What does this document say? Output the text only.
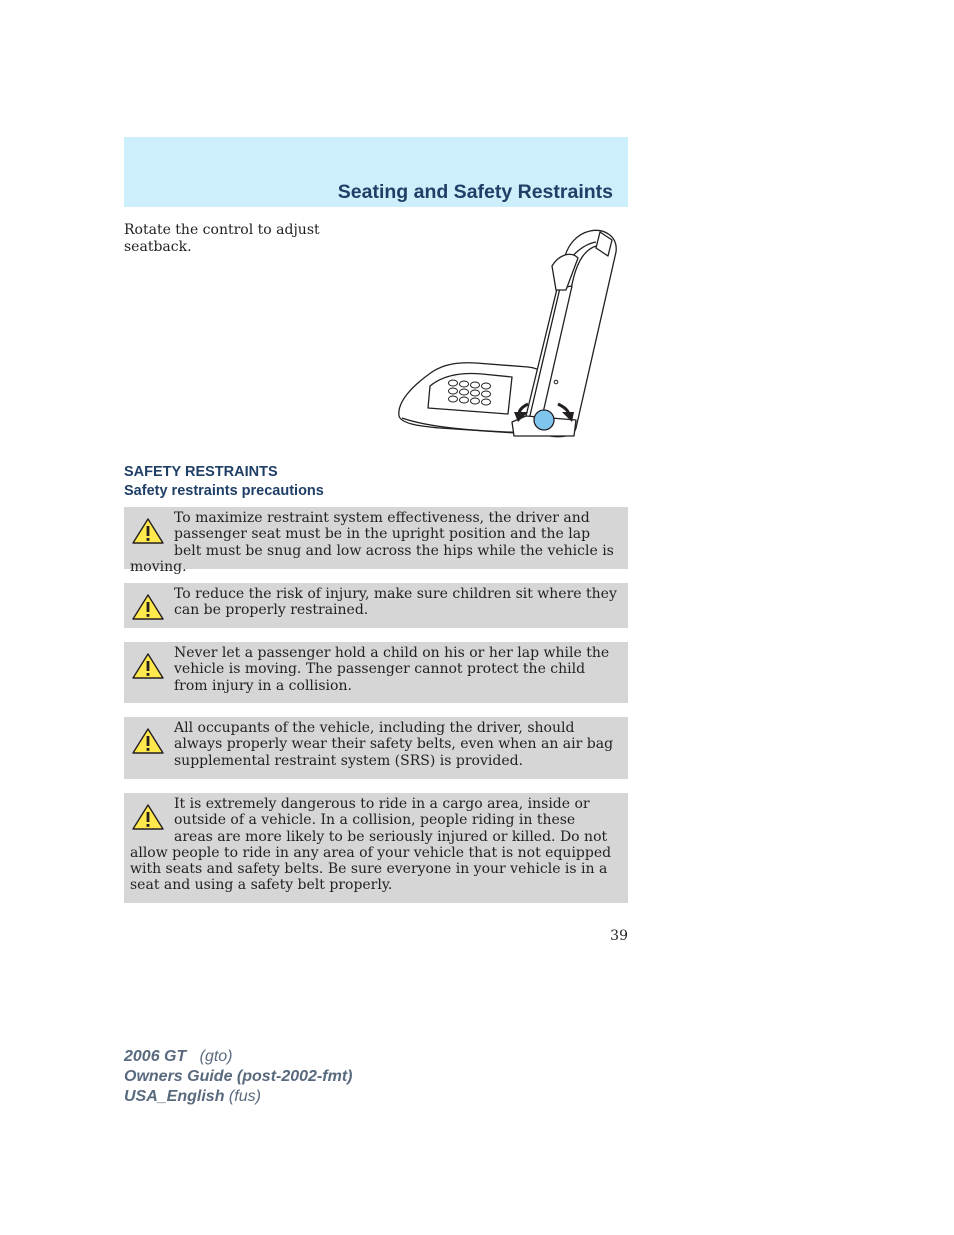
Seating and Safety Restraints
Rotate the control to adjust seatback.
SAFETY RESTRAINTS
Safety restraints precautions
To maximize restraint system effectiveness, the driver and passenger seat must be in the upright position and the lap belt must be snug and low across the hips while the vehicle is moving.
To reduce the risk of injury, make sure children sit where they can be properly restrained.
Never let a passenger hold a child on his or her lap while the vehicle is moving. The passenger cannot protect the child from injury in a collision.
All occupants of the vehicle, including the driver, should always properly wear their safety belts, even when an air bag supplemental restraint system (SRS) is provided.
It is extremely dangerous to ride in a cargo area, inside or outside of a vehicle. In a collision, people riding in these areas are more likely to be seriously injured or killed. Do not allow people to ride in any area of your vehicle that is not equipped with seats and safety belts. Be sure everyone in your vehicle is in a seat and using a safety belt properly.
39
2006 GT (gto)
Owners Guide (post-2002-fmt)
USA_English (fus)
